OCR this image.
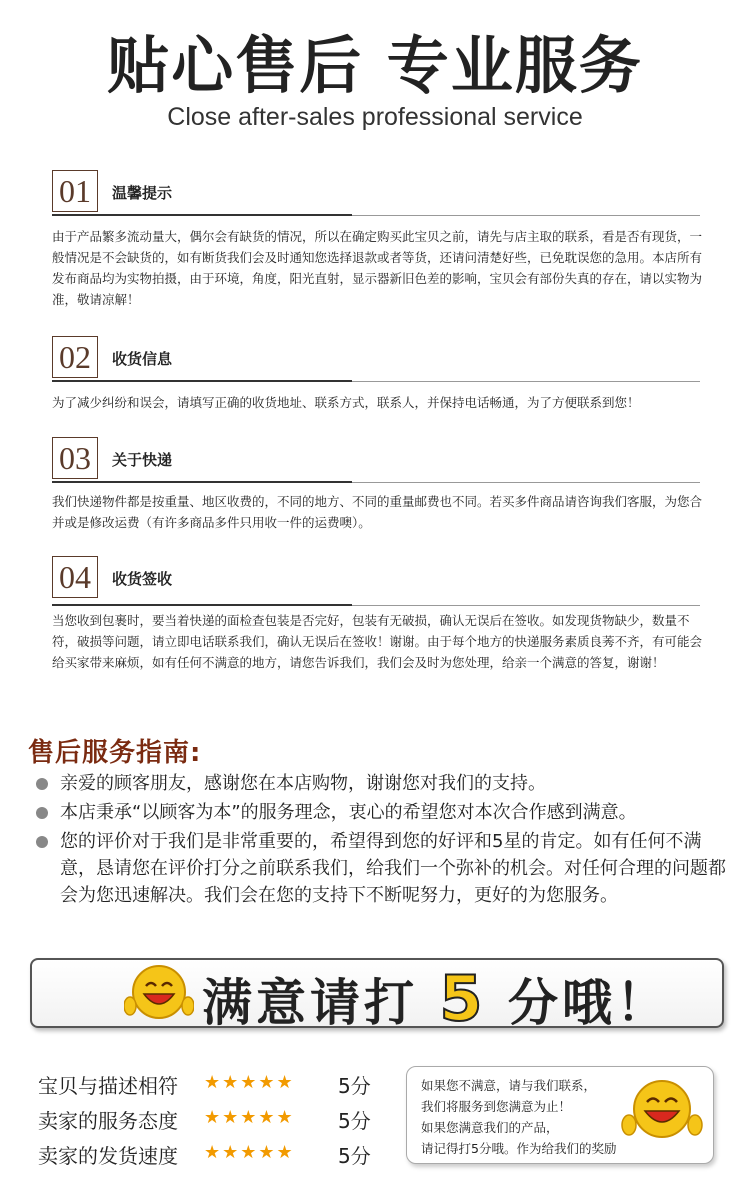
贴心售后 专业服务
Close after-sales professional service
01	温馨提示
由于产品繁多流动量大，偶尔会有缺货的情况，所以在确定购买此宝贝之前，请先与店主取的联系，看是否有现货，一般情况是不会缺货的，如有断货我们会及时通知您选择退款或者等货，还请问清楚好些，已免耽误您的急用。本店所有发布商品均为实物拍摄，由于环境，角度，阳光直射，显示器新旧色差的影响，宝贝会有部份失真的存在，请以实物为准，敬请凉解！
02	收货信息
为了减少纠纷和误会，请填写正确的收货地址、联系方式，联系人，并保持电话畅通，为了方便联系到您！
03	关于快递
我们快递物件都是按重量、地区收费的，不同的地方、不同的重量邮费也不同。若买多件商品请咨询我们客服，为您合并或是修改运费（有许多商品多件只用收一件的运费噢）。
04	收货签收
当您收到包裹时，要当着快递的面检查包装是否完好，包装有无破损，确认无误后在签收。如发现货物缺少，数量不符，破损等问题，请立即电话联系我们，确认无误后在签收！谢谢。由于每个地方的快递服务素质良莠不齐，有可能会给买家带来麻烦，如有任何不满意的地方，请您告诉我们，我们会及时为您处理，给亲一个满意的答复，谢谢！
售后服务指南:
亲爱的顾客朋友，感谢您在本店购物，谢谢您对我们的支持。
本店秉承“以顾客为本”的服务理念，衷心的希望您对本次合作感到满意。
您的评价对于我们是非常重要的，希望得到您的好评和5星的肯定。如有任何不满意，恳请您在评价打分之前联系我们，给我们一个弥补的机会。对任何合理的问题都会为您迅速解决。我们会在您的支持下不断呢努力，更好的为您服务。
满意请打 5 分哦！
宝贝与描述相符 ★★★★★ 5分
卖家的服务态度 ★★★★★ 5分
卖家的发货速度 ★★★★★ 5分
如果您不满意，请与我们联系，
我们将服务到您满意为止！
如果您满意我们的产品，
请记得打5分哦。作为给我们的奖励
